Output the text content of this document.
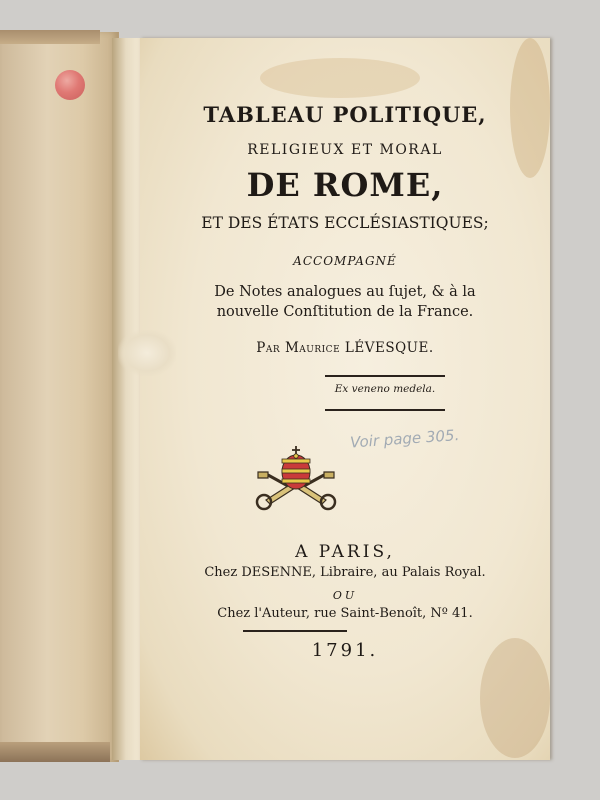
TABLEAU POLITIQUE,
RELIGIEUX ET MORAL
DE ROME,
ET DES ÉTATS ECCLÉSIASTIQUES;
ACCOMPAGNÉ
De Notes analogues au ſujet, & à la
nouvelle Conſtitution de la France.
Par Maurice LÉVESQUE.
Ex veneno medela.
Voir page 305.
A PARIS,
Chez DESENNE, Libraire, au Palais Royal.
OU
Chez l'Auteur, rue Saint-Benoît, Nº 41.
1791.
